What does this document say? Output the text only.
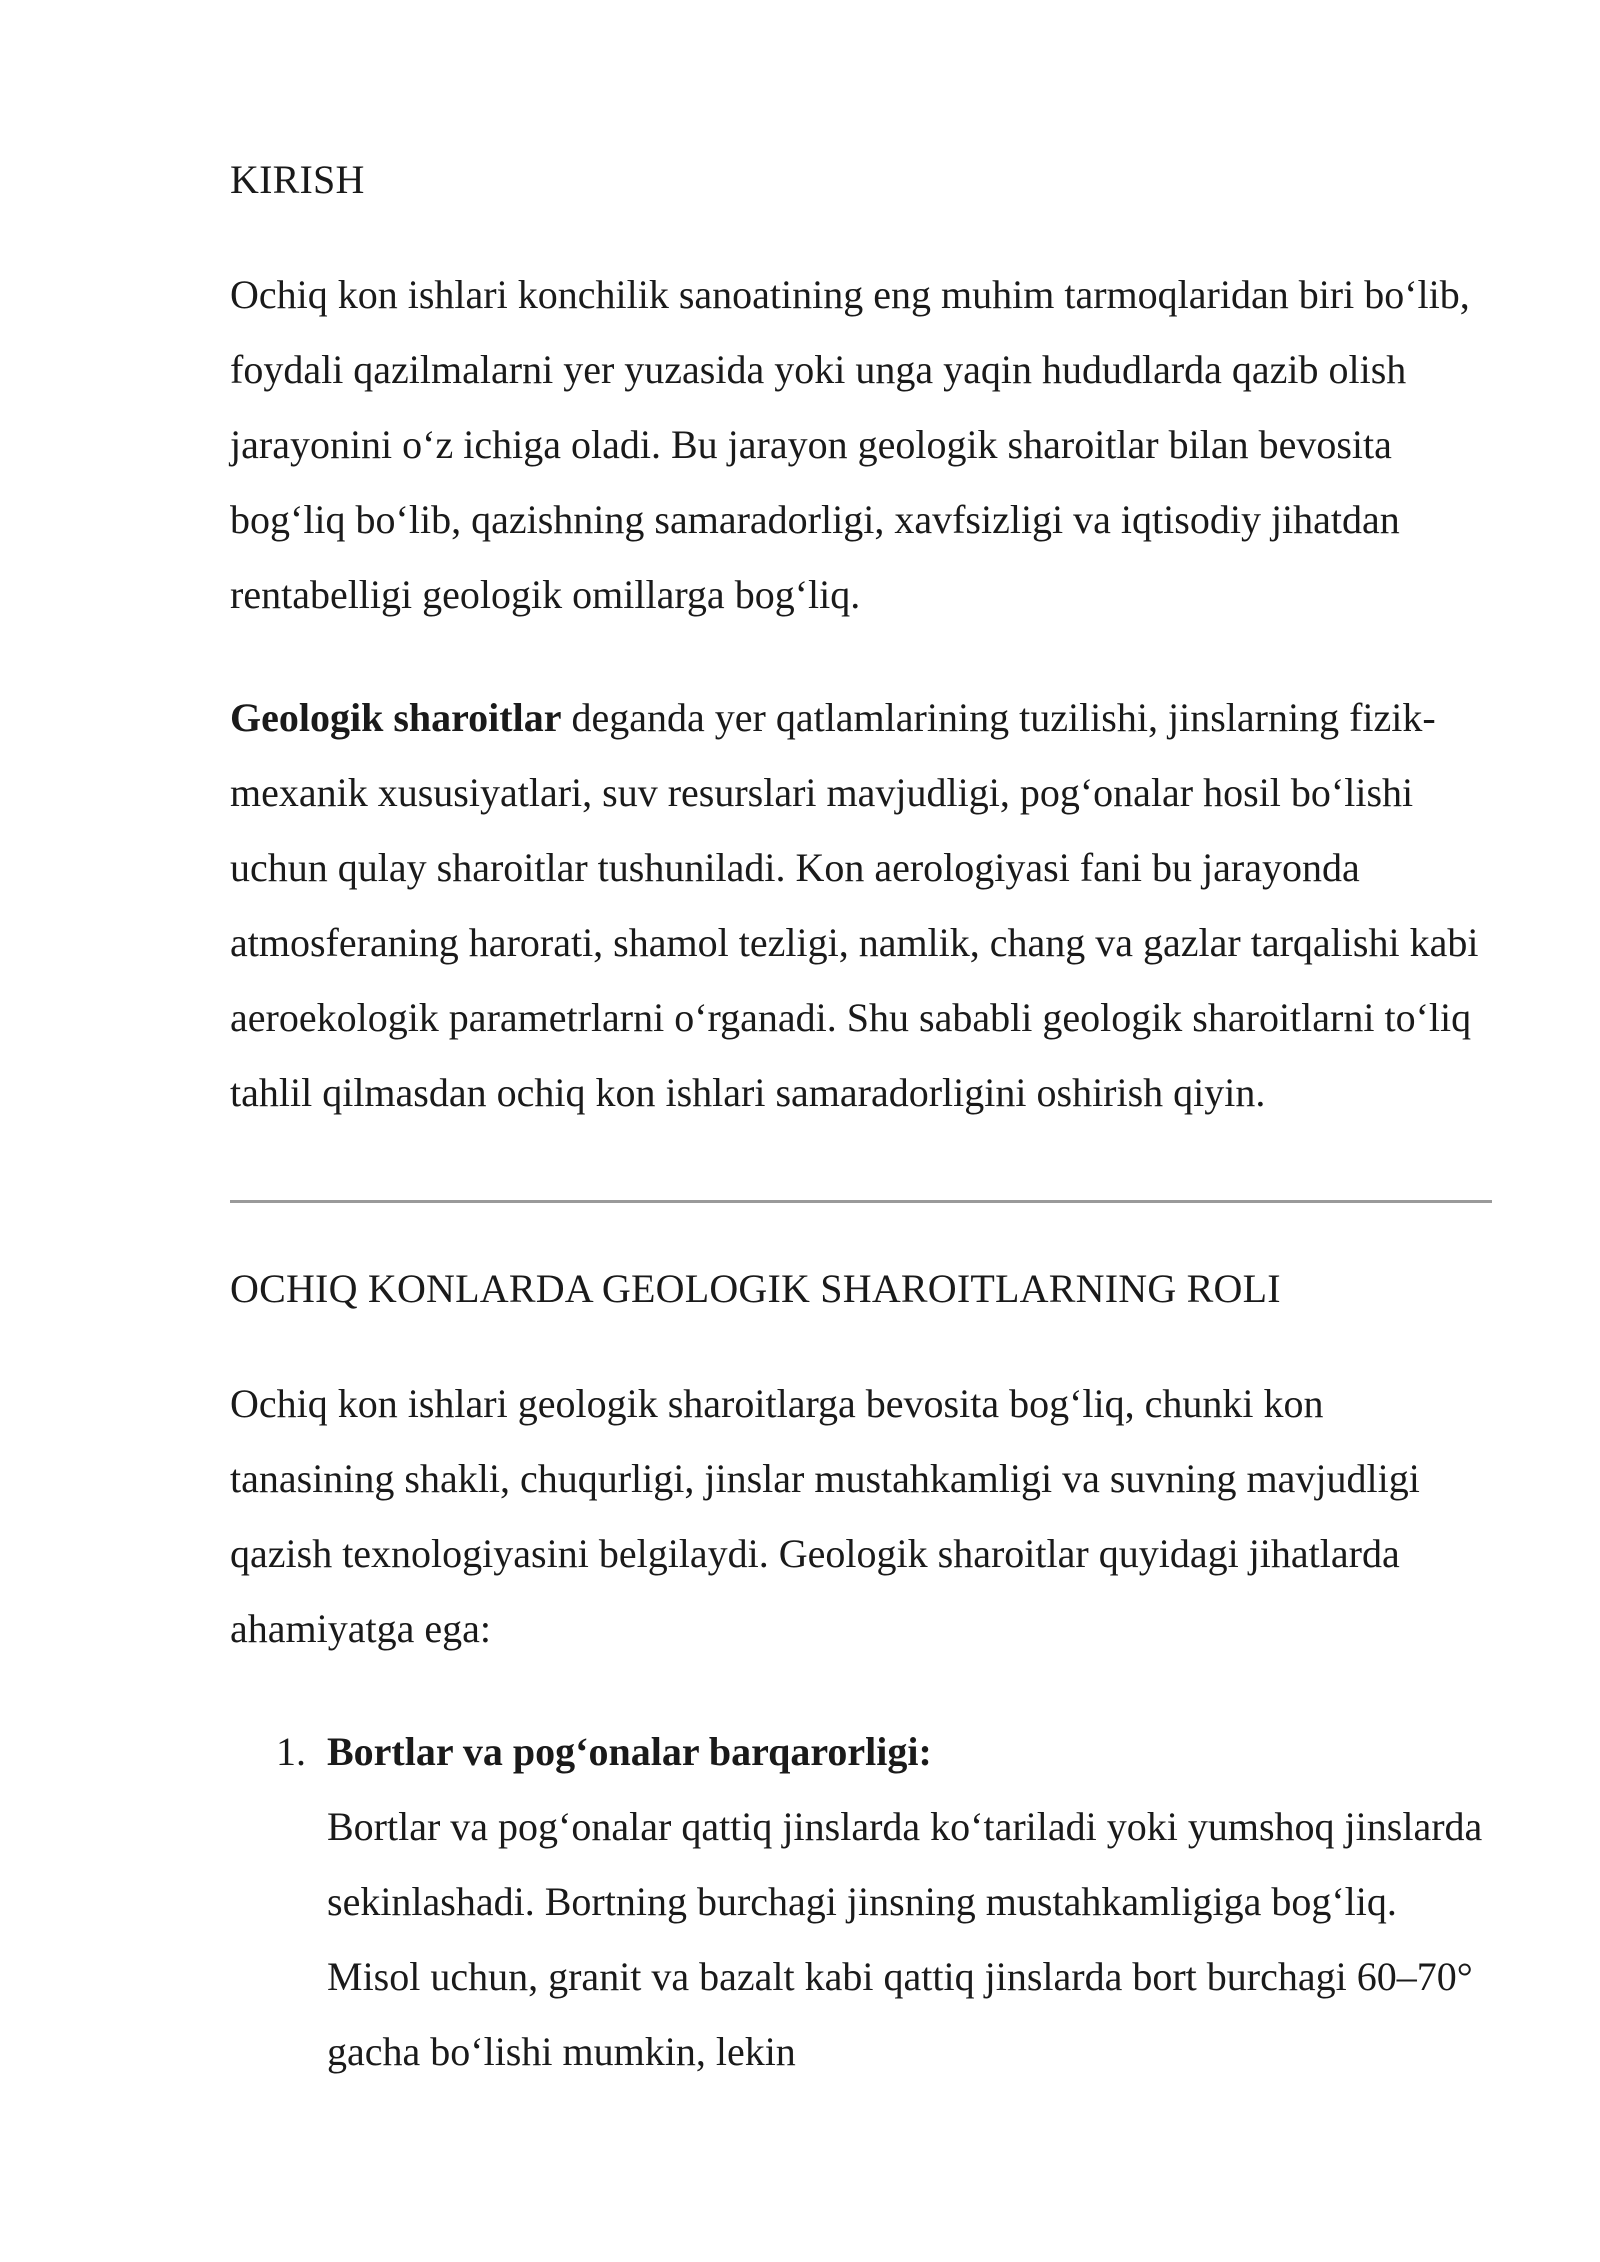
KIRISH

Ochiq kon ishlari konchilik sanoatining eng muhim tarmoqlaridan biri bo‘lib, foydali qazilmalarni yer yuzasida yoki unga yaqin hududlarda qazib olish jarayonini o‘z ichiga oladi. Bu jarayon geologik sharoitlar bilan bevosita bog‘liq bo‘lib, qazishning samaradorligi, xavfsizligi va iqtisodiy jihatdan rentabelligi geologik omillarga bog‘liq.

Geologik sharoitlar deganda yer qatlamlarining tuzilishi, jinslarning fizik-mexanik xususiyatlari, suv resurslari mavjudligi, pog‘onalar hosil bo‘lishi uchun qulay sharoitlar tushuniladi. Kon aerologiyasi fani bu jarayonda atmosferaning harorati, shamol tezligi, namlik, chang va gazlar tarqalishi kabi aeroekologik parametrlarni o‘rganadi. Shu sababli geologik sharoitlarni to‘liq tahlil qilmasdan ochiq kon ishlari samaradorligini oshirish qiyin.

OCHIQ KONLARDA GEOLOGIK SHAROITLARNING ROLI

Ochiq kon ishlari geologik sharoitlarga bevosita bog‘liq, chunki kon tanasining shakli, chuqurligi, jinslar mustahkamligi va suvning mavjudligi qazish texnologiyasini belgilaydi. Geologik sharoitlar quyidagi jihatlarda ahamiyatga ega:

1. Bortlar va pog‘onalar barqarorligi:
Bortlar va pog‘onalar qattiq jinslarda ko‘tariladi yoki yumshoq jinslarda sekinlashadi. Bortning burchagi jinsning mustahkamligiga bog‘liq. Misol uchun, granit va bazalt kabi qattiq jinslarda bort burchagi 60–70° gacha bo‘lishi mumkin, lekin
